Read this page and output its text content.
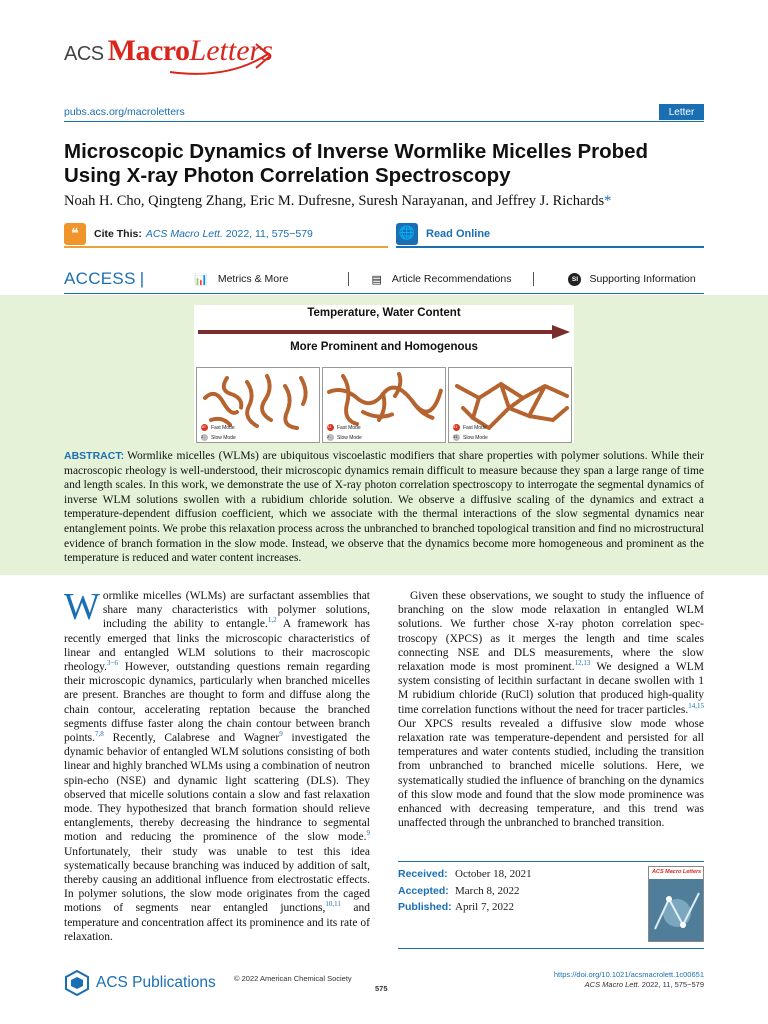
ACS Macro Letters
pubs.acs.org/macroletters	Letter
Microscopic Dynamics of Inverse Wormlike Micelles Probed Using X-ray Photon Correlation Spectroscopy
Noah H. Cho, Qingteng Zhang, Eric M. Dufresne, Suresh Narayanan, and Jeffrey J. Richards*
❝	Cite This: ACS Macro Lett. 2022, 11, 575−579	🌐 Read Online
ACCESS |	📊 Metrics & More	▤ Article Recommendations	SI	Supporting Information
Temperature, Water Content
More Prominent and Homogenous
1E	Fast Mode
2	Slow Mode
31	Fast Mode
2	Slow Mode
31	Fast Mode
31	Slow Mode
ABSTRACT: Wormlike micelles (WLMs) are ubiquitous viscoelastic modifiers that share properties with polymer solutions. While their macroscopic rheology is well-understood, their microscopic dynamics remain difficult to measure because they span a large range of time and length scales. In this work, we demonstrate the use of X-ray photon correlation spectroscopy to interrogate the segmental dynamics of inverse WLM solutions swollen with a rubidium chloride solution. We observe a diffusive scaling of the dynamics and extract a temperature-dependent diffusion coefficient, which we associate with the thermal interactions of the slow segmental dynamics near entanglement points. We probe this relaxation process across the unbranched to branched topological transition and find no microstructural evidence of branch formation in the slow mode. Instead, we observe that the dynamics become more homogeneous and prominent as the temperature is reduced and water content increases.
Wormlike micelles (WLMs) are surfactant assemblies that share many characteristics with polymer solutions, including the ability to entangle.$^{1,2}$ A framework has recently emerged that links the microscopic characteristics of linear and entangled WLM solutions to their macroscopic rheology.$^{3-6}$ However, outstanding questions remain regarding their microscopic dynamics, particularly when branched micelles are present. Branches are thought to form and diffuse along the chain contour, accelerating reptation because the branched segments diffuse faster along the chain contour between branch points.$^{7,8}$ Recently, Calabrese and Wagner$^9$ investigated the dynamic behavior of entangled WLM solutions consisting of both linear and highly branched WLMs using a combination of neutron spin-echo (NSE) and dynamic light scattering (DLS). They observed that micelle solutions contain a slow and fast relaxation mode. They hypothesized that branch formation should relieve entanglements, thereby decreasing the hindrance to segmental motion and reducing the prominence of the slow mode.$^9$ Unfortunately, their study was unable to test this idea systematically because branching was induced by addition of salt, thereby causing an additional influence from electrostatic effects. In polymer solutions, the slow mode originates from the caged motions of segments near entangled junctions,$^{10,11}$ and temperature and concentration affect its prominence and its rate of relaxation.
Given these observations, we sought to study the influence of branching on the slow mode relaxation in entangled WLM solutions. We further chose X-ray photon correlation spec-troscopy (XPCS) as it merges the length and time scales connecting NSE and DLS measurements, where the slow relaxation mode is most prominent.$^{12,13}$ We designed a WLM system consisting of lecithin surfactant in decane swollen with 1 M rubidium chloride (RuCl) solution that produced high-quality time correlation functions without the need for tracer particles.$^{14,15}$ Our XPCS results revealed a diffusive slow mode whose relaxation rate was temperature-dependent and persisted for all temperatures and water contents studied, including the transition from unbranched to branched micelle solutions. Here, we systematically studied the influence of branching on the dynamics of this slow mode and found that the slow mode prominence was enhanced with decreasing temperature, and this trend was unaffected through the unbranched to branched transition.
Received: October 18, 2021
Accepted: March 8, 2022
Published: April 7, 2022
ACS Macro Letters
ACS Publications © 2022 American Chemical Society
575
https://doi.org/10.1021/acsmacrolett.1c00651
ACS Macro Lett. 2022, 11, 575−579
